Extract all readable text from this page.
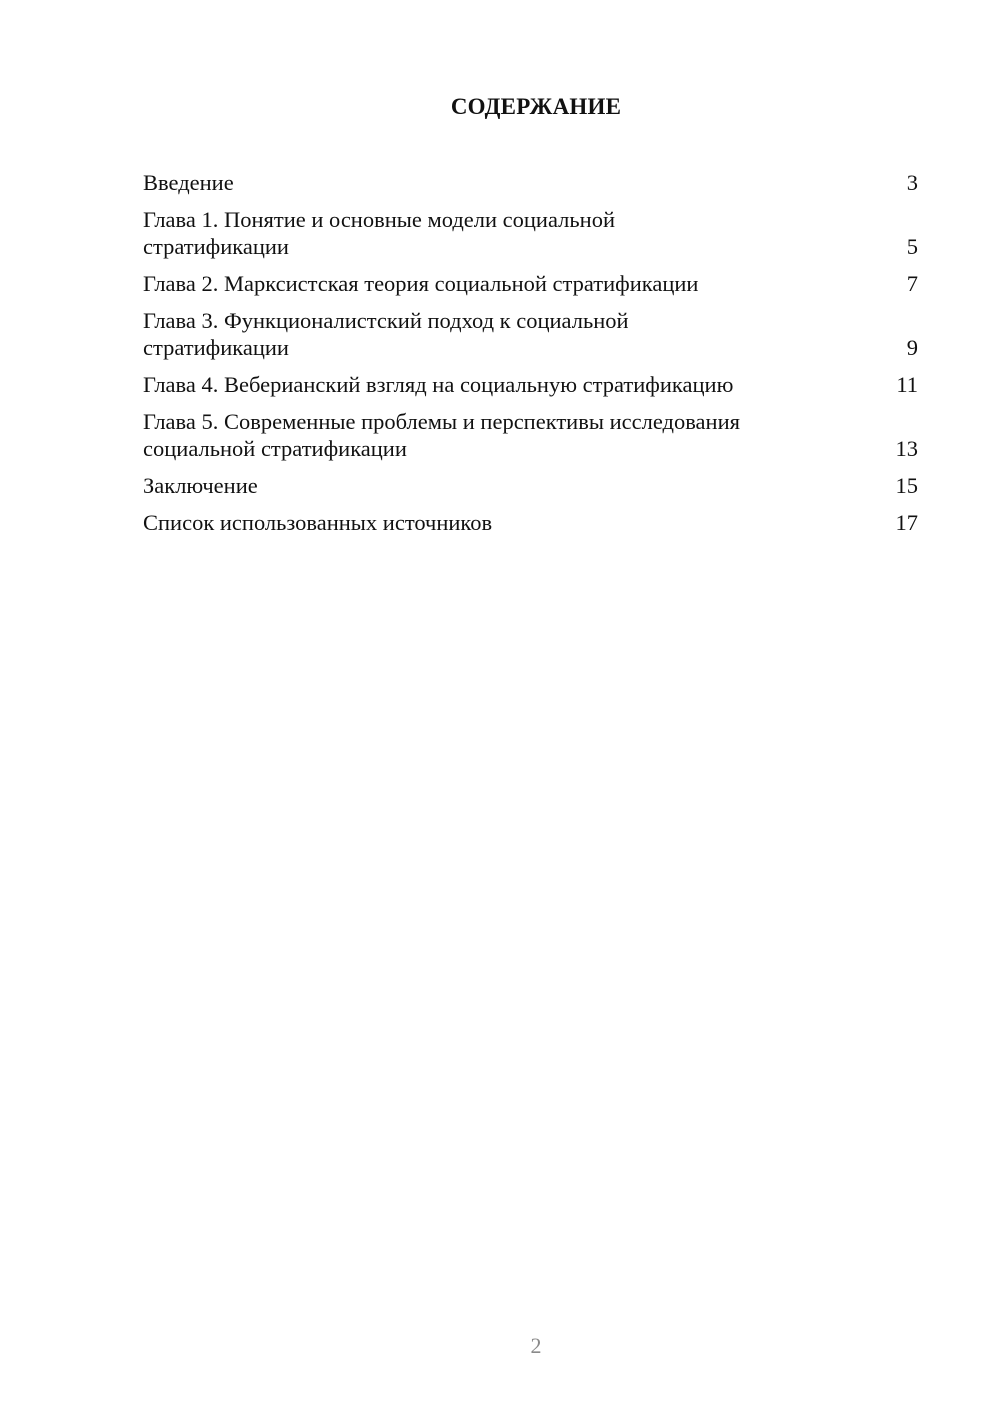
СОДЕРЖАНИЕ
Введение	3
Глава 1. Понятие и основные модели социальной стратификации	5
Глава 2. Марксистская теория социальной стратификации	7
Глава 3. Функционалистский подход к социальной стратификации	9
Глава 4. Веберианский взгляд на социальную стратификацию	11
Глава 5. Современные проблемы и перспективы исследования социальной стратификации	13
Заключение	15
Список использованных источников	17
2
